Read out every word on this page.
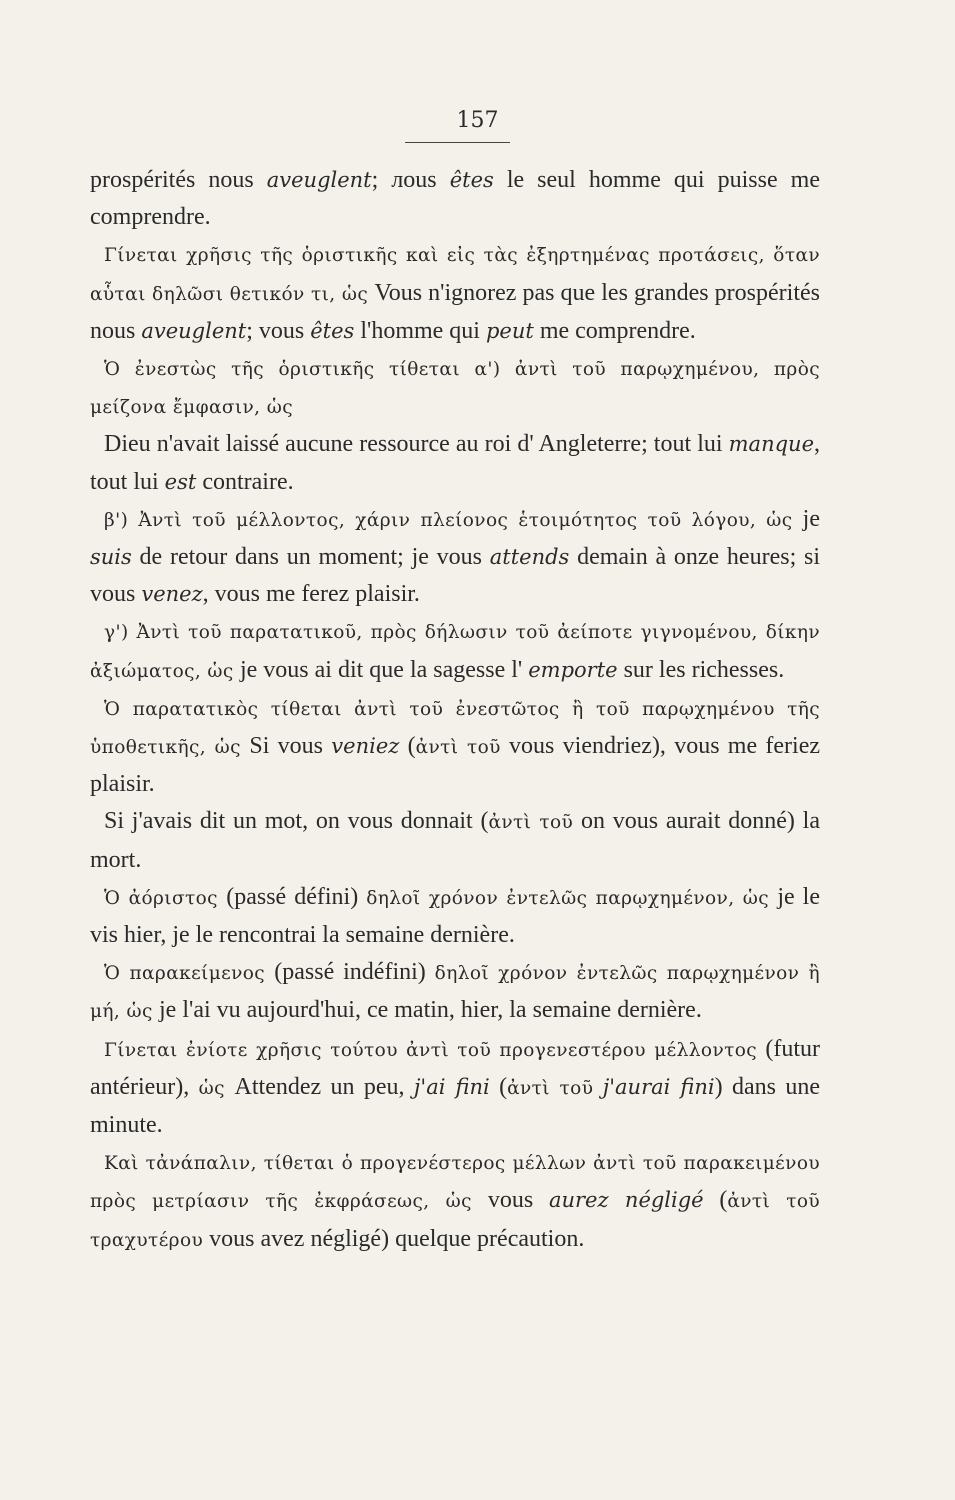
157

prospérités nous aveuglent; лous êtes le seul homme qui puisse me comprendre.

Γίνεται χρῆσις τῆς ὁριστικῆς καὶ εἰς τὰς ἐξηρτημένας προτάσεις, ὅταν αὗται δηλῶσι θετικόν τι, ὡς Vous n'ignorez pas que les grandes prospérités nous aveuglent; vous êtes l'homme qui peut me comprendre.

Ὁ ἐνεστὼς τῆς ὁριστικῆς τίθεται α') ἀντὶ τοῦ παρῳχημένου, πρὸς μείζονα ἔμφασιν, ὡς

Dieu n'avait laissé aucune ressource au roi d' Angleterre; tout lui manque, tout lui est contraire.

β') Ἀντὶ τοῦ μέλλοντος, χάριν πλείονος ἑτοιμότητος τοῦ λόγου, ὡς je suis de retour dans un moment; je vous attends demain à onze heures; si vous venez, vous me ferez plaisir.

γ') Ἀντὶ τοῦ παρατατικοῦ, πρὸς δήλωσιν τοῦ ἀείποτε γιγνομένου, δίκην ἀξιώματος, ὡς je vous ai dit que la sagesse l' emporte sur les richesses.

Ὁ παρατατικὸς τίθεται ἀντὶ τοῦ ἐνεστῶτος ἢ τοῦ παρῳχημένου τῆς ὑποθετικῆς, ὡς Si vous veniez (ἀντὶ τοῦ vous viendriez), vous me feriez plaisir.

Si j'avais dit un mot, on vous donnait (ἀντὶ τοῦ on vous aurait donné) la mort.

Ὁ ἀόριστος (passé défini) δηλοῖ χρόνον ἐντελῶς παρῳχημένον, ὡς je le vis hier, je le rencontrai la semaine dernière.

Ὁ παρακείμενος (passé indéfini) δηλοῖ χρόνον ἐντελῶς παρῳχημένον ἢ μή, ὡς je l'ai vu aujourd'hui, ce matin, hier, la semaine dernière.

Γίνεται ἐνίοτε χρῆσις τούτου ἀντὶ τοῦ προγενεστέρου μέλλοντος (futur antérieur), ὡς Attendez un peu, j'ai fini (ἀντὶ τοῦ j'aurai fini) dans une minute.

Καὶ τἀνάπαλιν, τίθεται ὁ προγενέστερος μέλλων ἀντὶ τοῦ παρακειμένου πρὸς μετρίασιν τῆς ἐκφράσεως, ὡς vous aurez négligé (ἀντὶ τοῦ τραχυτέρου vous avez négligé) quelque précaution.
